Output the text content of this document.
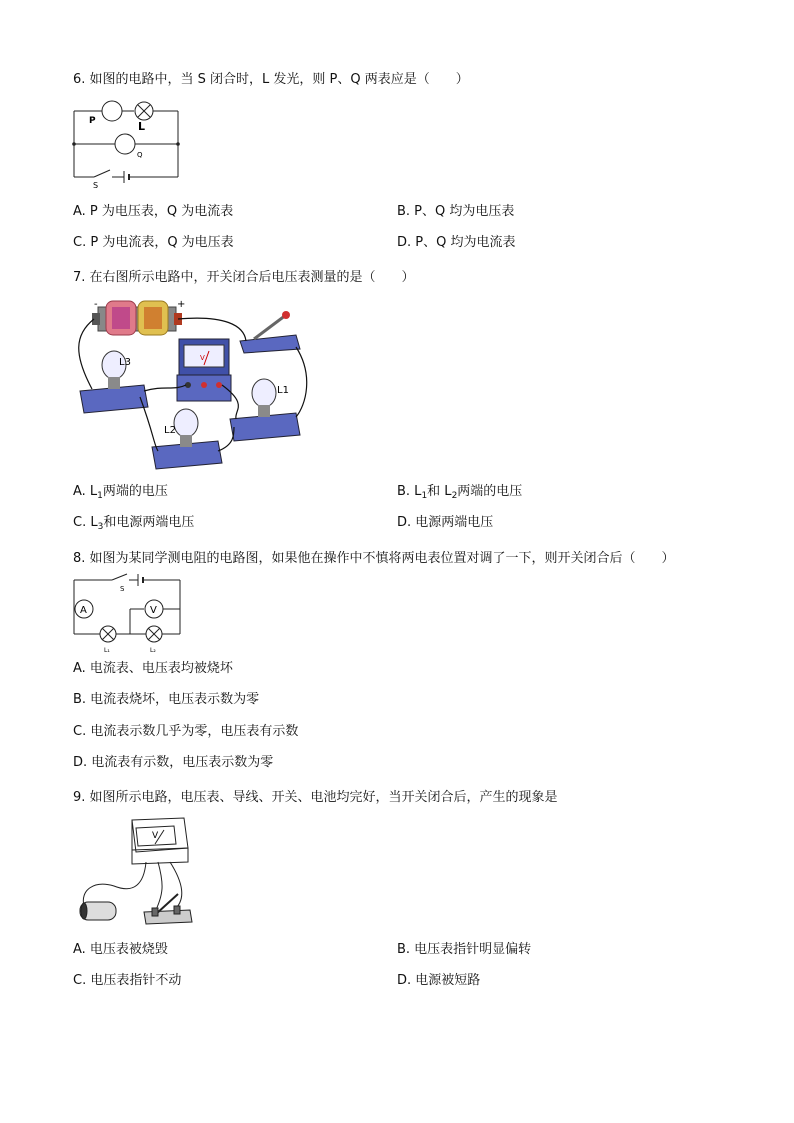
6. 如图的电路中，当 S 闭合时，L 发光，则 P、Q 两表应是（　　）
P	L
Q
S
A. P 为电压表，Q 为电流表	B. P、Q 均为电压表
C. P 为电流表，Q 为电压表	D. P、Q 均为电流表
7. 在右图所示电路中，开关闭合后电压表测量的是（　　）
-	+
V
L3
L1
L2
A. $L_1$两端的电压	B. $L_1$和 $L_2$两端的电压
C. $L_3$和电源两端电压	D. 电源两端电压
8. 如图为某同学测电阻的电路图，如果他在操作中不慎将两电表位置对调了一下，则开关闭合后（　　）
A	V
S
L₁	L₂
A. 电流表、电压表均被烧坏
B. 电流表烧坏，电压表示数为零
C. 电流表示数几乎为零，电压表有示数
D. 电流表有示数，电压表示数为零
9. 如图所示电路，电压表、导线、开关、电池均完好，当开关闭合后，产生的现象是
V
A. 电压表被烧毁	B. 电压表指针明显偏转
C. 电压表指针不动	D. 电源被短路
